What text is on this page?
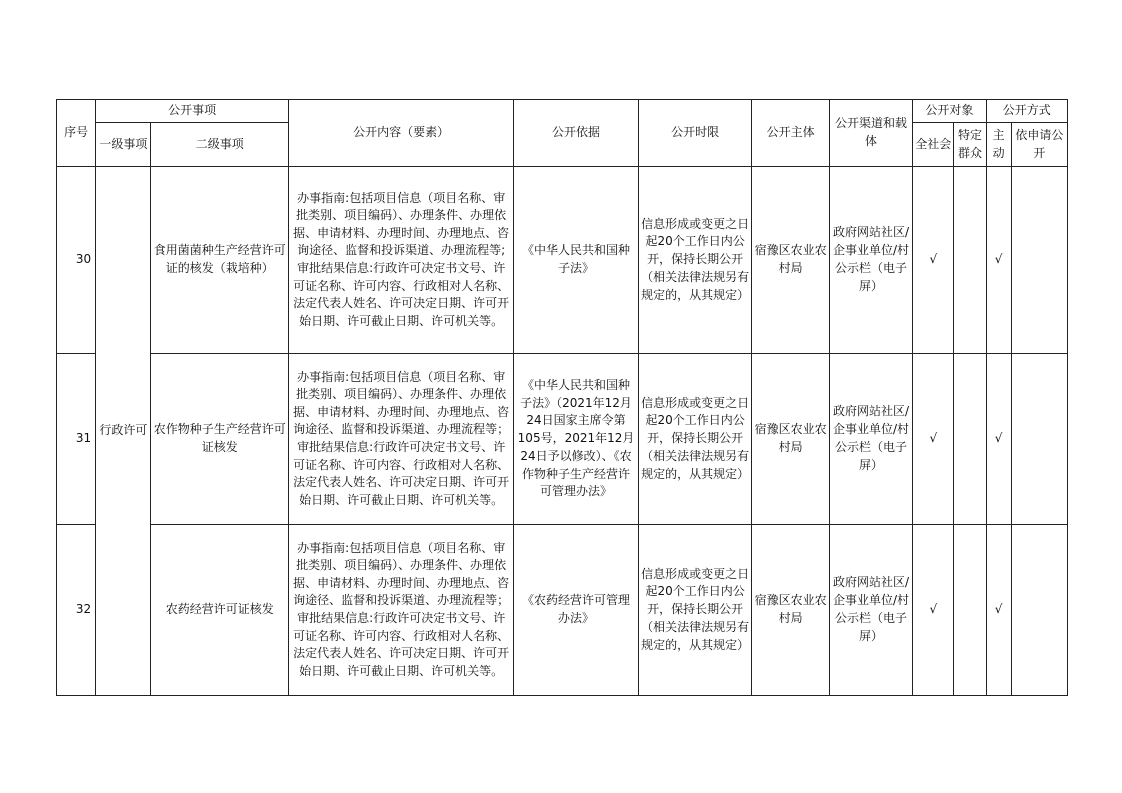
序号	公开事项		公开内容（要素）	公开依据	公开时限	公开主体	公开渠道和载体	公开对象		公开方式	
	一级事项	二级事项						全社会	特定群众	主动	依申请公开
30	行政许可	食用菌菌种生产经营许可证的核发（栽培种）	办事指南:包括项目信息（项目名称、审批类别、项目编码）、办理条件、办理依据、申请材料、办理时间、办理地点、咨询途径、监督和投诉渠道、办理流程等;审批结果信息:行政许可决定书文号、许可证名称、许可内容、行政相对人名称、法定代表人姓名、许可决定日期、许可开始日期、许可截止日期、许可机关等。	《中华人民共和国种子法》	信息形成或变更之日起20个工作日内公开，保持长期公开（相关法律法规另有规定的，从其规定）	宿豫区农业农村局	政府网站社区/企事业单位/村公示栏（电子屏）	√		√	
31		农作物种子生产经营许可证核发	办事指南:包括项目信息（项目名称、审批类别、项目编码）、办理条件、办理依据、申请材料、办理时间、办理地点、咨询途径、监督和投诉渠道、办理流程等；审批结果信息:行政许可决定书文号、许可证名称、许可内容、行政相对人名称、法定代表人姓名、许可决定日期、许可开始日期、许可截止日期、许可机关等。	《中华人民共和国种子法》（2021年12月24日国家主席令第105号，2021年12月24日予以修改）、《农作物种子生产经营许可管理办法》	信息形成或变更之日起20个工作日内公开，保持长期公开（相关法律法规另有规定的，从其规定）	宿豫区农业农村局	政府网站社区/企事业单位/村公示栏（电子屏）	√		√	
32		农药经营许可证核发	办事指南:包括项目信息（项目名称、审批类别、项目编码）、办理条件、办理依据、申请材料、办理时间、办理地点、咨询途径、监督和投诉渠道、办理流程等；审批结果信息:行政许可决定书文号、许可证名称、许可内容、行政相对人名称、法定代表人姓名、许可决定日期、许可开始日期、许可截止日期、许可机关等。	《农药经营许可管理办法》	信息形成或变更之日起20个工作日内公开，保持长期公开（相关法律法规另有规定的，从其规定）	宿豫区农业农村局	政府网站社区/企事业单位/村公示栏（电子屏）	√		√	
